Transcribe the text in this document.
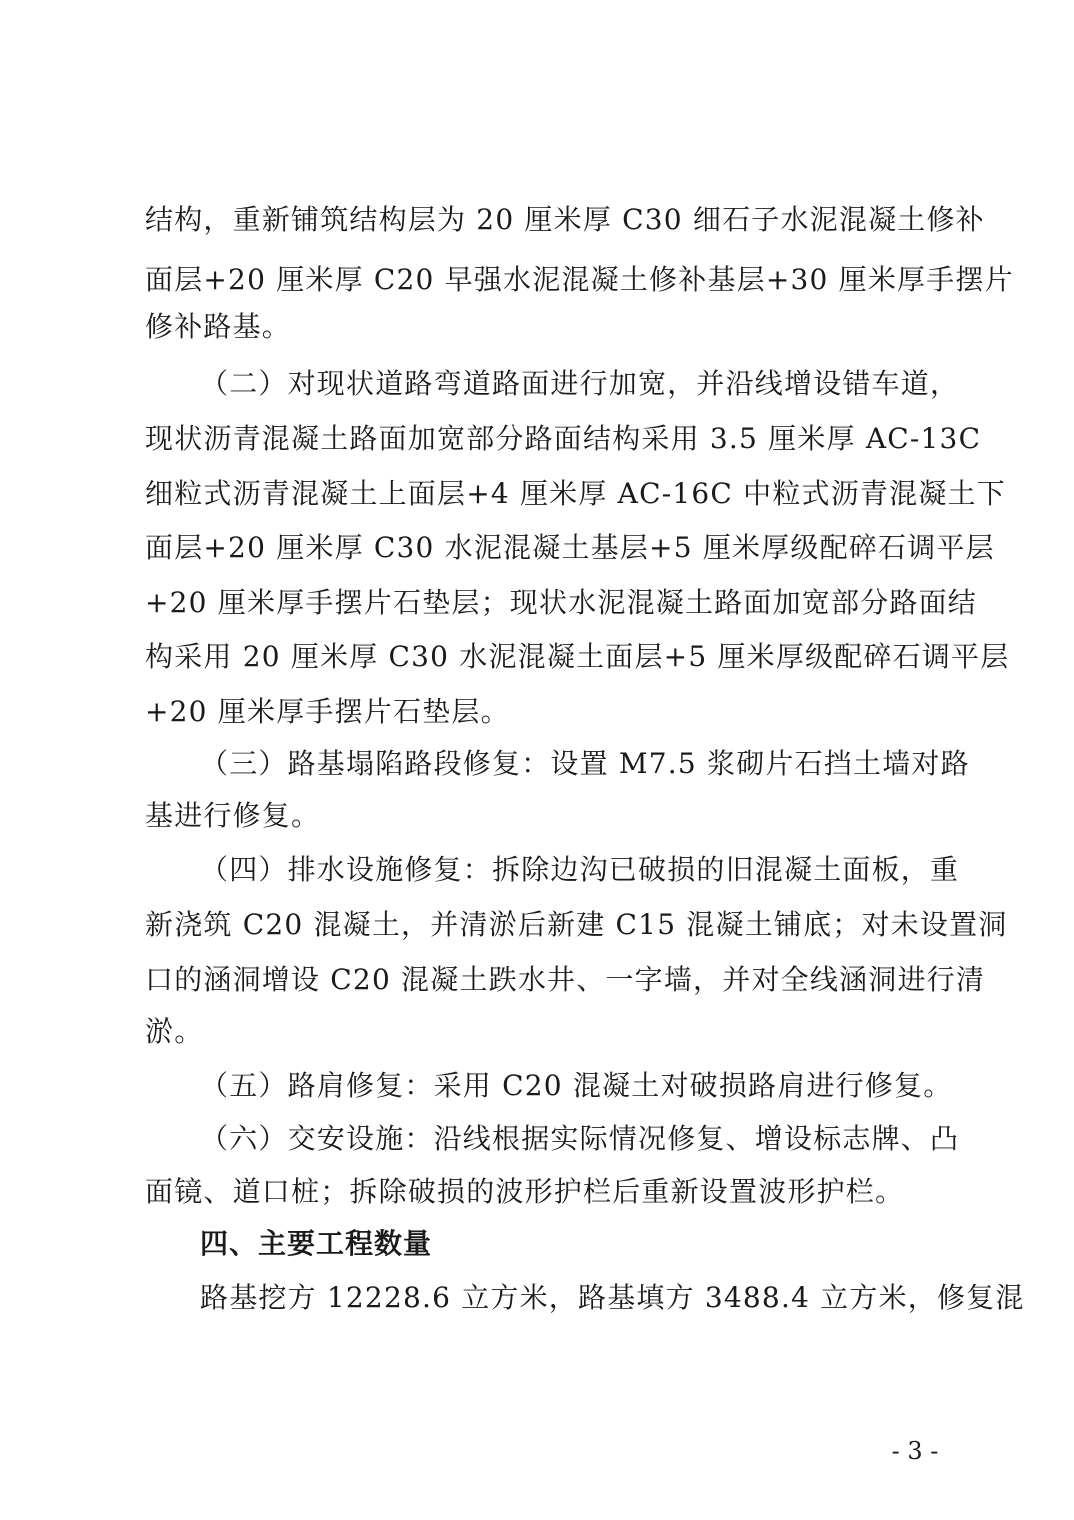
结构，重新铺筑结构层为 20 厘米厚 C30 细石子水泥混凝土修补
面层+20 厘米厚 C20 早强水泥混凝土修补基层+30 厘米厚手摆片
修补路基。
（二）对现状道路弯道路面进行加宽，并沿线增设错车道，
现状沥青混凝土路面加宽部分路面结构采用 3.5 厘米厚 AC-13C
细粒式沥青混凝土上面层+4 厘米厚 AC-16C 中粒式沥青混凝土下
面层+20 厘米厚 C30 水泥混凝土基层+5 厘米厚级配碎石调平层
+20 厘米厚手摆片石垫层；现状水泥混凝土路面加宽部分路面结
构采用 20 厘米厚 C30 水泥混凝土面层+5 厘米厚级配碎石调平层
+20 厘米厚手摆片石垫层。
（三）路基塌陷路段修复：设置 M7.5 浆砌片石挡土墙对路
基进行修复。
（四）排水设施修复：拆除边沟已破损的旧混凝土面板，重
新浇筑 C20 混凝土，并清淤后新建 C15 混凝土铺底；对未设置洞
口的涵洞增设 C20 混凝土跌水井、一字墙，并对全线涵洞进行清
淤。
（五）路肩修复：采用 C20 混凝土对破损路肩进行修复。
（六）交安设施：沿线根据实际情况修复、增设标志牌、凸
面镜、道口桩；拆除破损的波形护栏后重新设置波形护栏。
四、主要工程数量
路基挖方 12228.6 立方米，路基填方 3488.4 立方米，修复混
- 3 -
